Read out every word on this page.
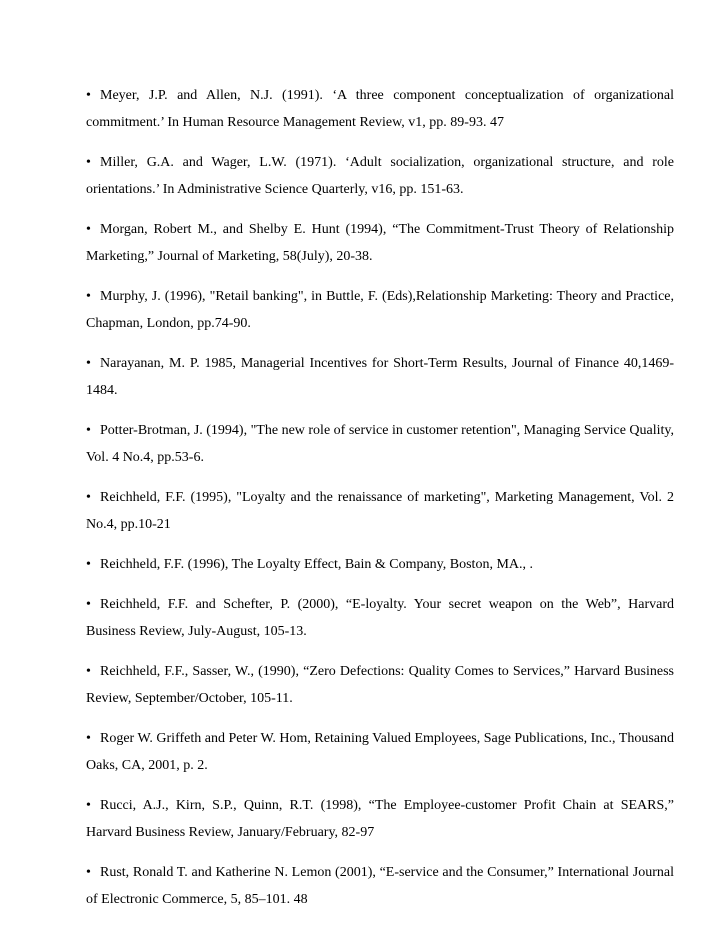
• Meyer, J.P. and Allen, N.J. (1991). ‘A three component conceptualization of organizational commitment.’ In Human Resource Management Review, v1, pp. 89-93. 47

• Miller, G.A. and Wager, L.W. (1971). ‘Adult socialization, organizational structure, and role orientations.’ In Administrative Science Quarterly, v16, pp. 151-63.

• Morgan, Robert M., and Shelby E. Hunt (1994), “The Commitment-Trust Theory of Relationship Marketing,” Journal of Marketing, 58(July), 20-38.

• Murphy, J. (1996), "Retail banking", in Buttle, F. (Eds),Relationship Marketing: Theory and Practice, Chapman, London, pp.74-90.

• Narayanan, M. P. 1985, Managerial Incentives for Short-Term Results, Journal of Finance 40,1469-1484.

• Potter-Brotman, J. (1994), "The new role of service in customer retention", Managing Service Quality, Vol. 4 No.4, pp.53-6.

• Reichheld, F.F. (1995), "Loyalty and the renaissance of marketing", Marketing Management, Vol. 2 No.4, pp.10-21

• Reichheld, F.F. (1996), The Loyalty Effect, Bain & Company, Boston, MA., .

• Reichheld, F.F. and Schefter, P. (2000), “E-loyalty. Your secret weapon on the Web”, Harvard Business Review, July-August, 105-13.

• Reichheld, F.F., Sasser, W., (1990), “Zero Defections: Quality Comes to Services,” Harvard Business Review, September/October, 105-11.

• Roger W. Griffeth and Peter W. Hom, Retaining Valued Employees, Sage Publications, Inc., Thousand Oaks, CA, 2001, p. 2.

• Rucci, A.J., Kirn, S.P., Quinn, R.T. (1998), “The Employee-customer Profit Chain at SEARS,” Harvard Business Review, January/February, 82-97

• Rust, Ronald T. and Katherine N. Lemon (2001), “E-service and the Consumer,” International Journal of Electronic Commerce, 5, 85–101. 48
